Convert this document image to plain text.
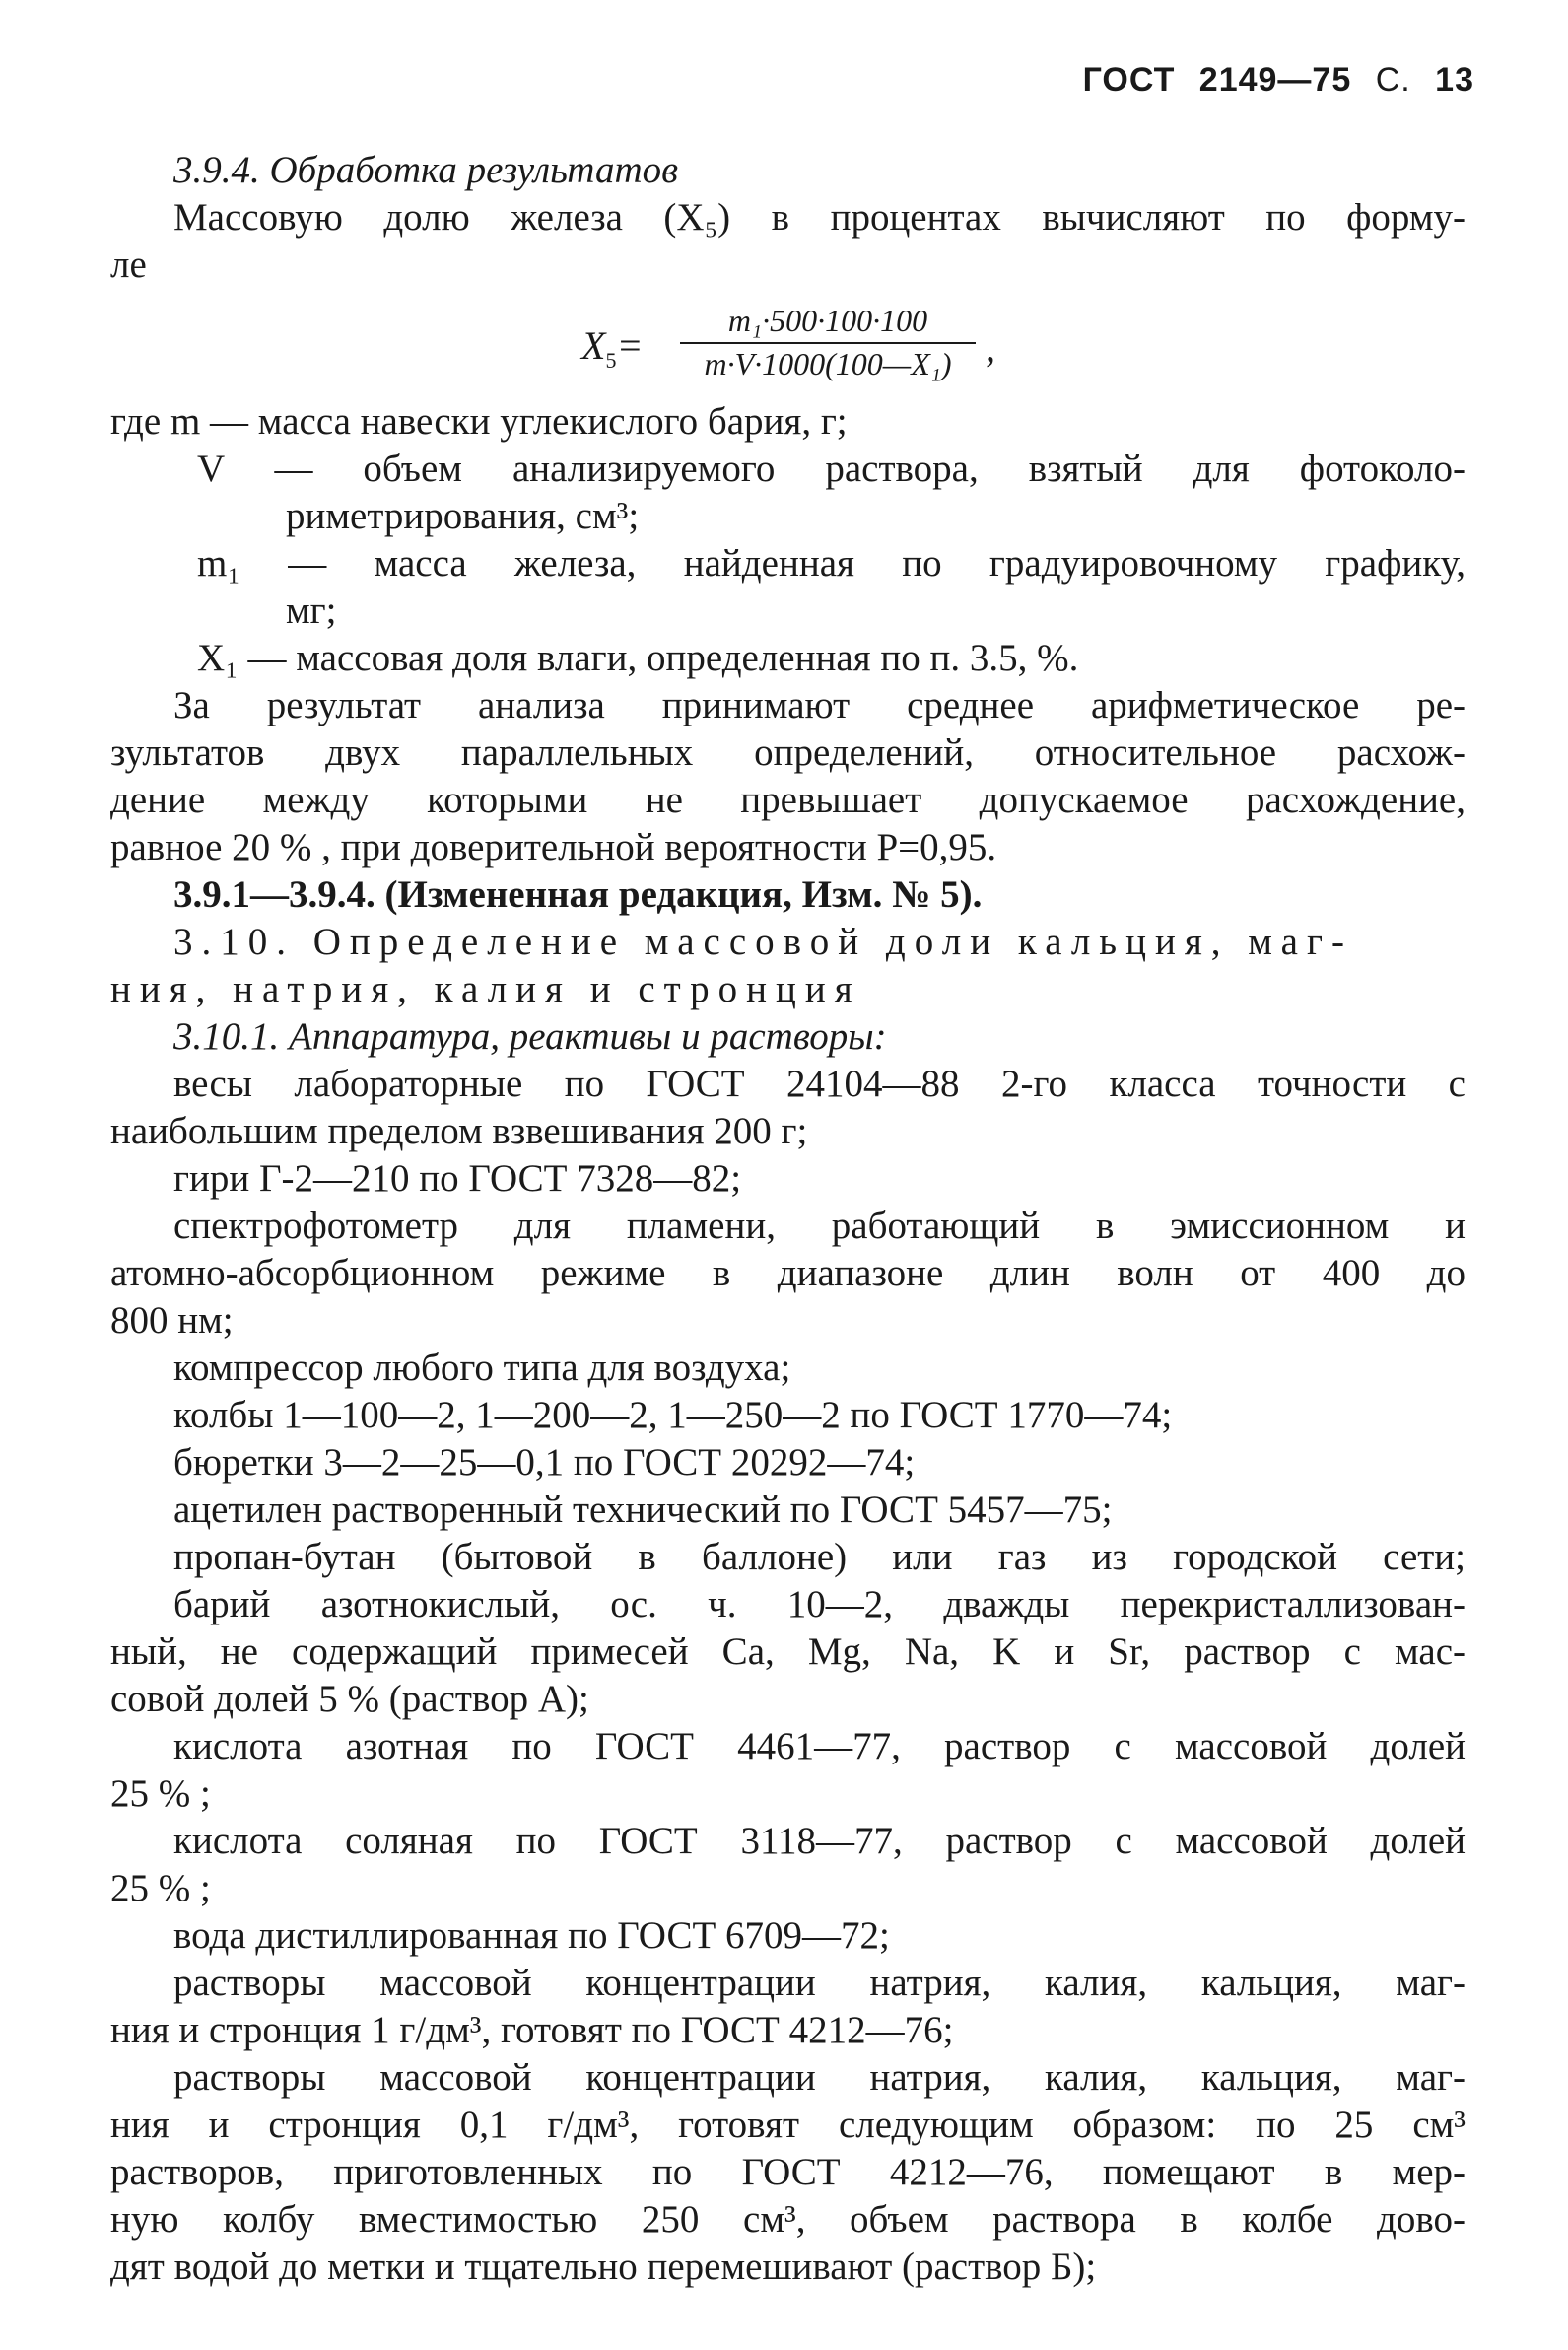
ГОСТ 2149—75 С. 13
3.9.4. Обработка результатов
Массовую долю железа (X₅) в процентах вычисляют по форму-
ле
$X_5=$
m₁·500·100·100
m·V·1000(100—X₁) ,
где m — масса навески углекислого бария, г;
V — объем анализируемого раствора, взятый для фотоколо-
риметрирования, см³;
m₁ — масса железа, найденная по градуировочному графику,
мг;
X₁ — массовая доля влаги, определенная по п. 3.5, %.
За результат анализа принимают среднее арифметическое ре-
зультатов двух параллельных определений, относительное расхож-
дение между которыми не превышает допускаемое расхождение,
равное 20 % , при доверительной вероятности P=0,95.
3.9.1—3.9.4. (Измененная редакция, Изм. № 5).
3.10. Определение массовой доли кальция, маг-
ния, натрия, калия и стронция
3.10.1. Аппаратура, реактивы и растворы:
весы лабораторные по ГОСТ 24104—88 2-го класса точности с
наибольшим пределом взвешивания 200 г;
гири Г-2—210 по ГОСТ 7328—82;
спектрофотометр для пламени, работающий в эмиссионном и
атомно-абсорбционном режиме в диапазоне длин волн от 400 до
800 нм;
компрессор любого типа для воздуха;
колбы 1—100—2, 1—200—2, 1—250—2 по ГОСТ 1770—74;
бюретки 3—2—25—0,1 по ГОСТ 20292—74;
ацетилен растворенный технический по ГОСТ 5457—75;
пропан-бутан (бытовой в баллоне) или газ из городской сети;
барий азотнокислый, ос. ч. 10—2, дважды перекристаллизован-
ный, не содержащий примесей Ca, Mg, Na, K и Sr, раствор с мас-
совой долей 5 % (раствор А);
кислота азотная по ГОСТ 4461—77, раствор с массовой долей
25 % ;
кислота соляная по ГОСТ 3118—77, раствор с массовой долей
25 % ;
вода дистиллированная по ГОСТ 6709—72;
растворы массовой концентрации натрия, калия, кальция, маг-
ния и стронция 1 г/дм³, готовят по ГОСТ 4212—76;
растворы массовой концентрации натрия, калия, кальция, маг-
ния и стронция 0,1 г/дм³, готовят следующим образом: по 25 см³
растворов, приготовленных по ГОСТ 4212—76, помещают в мер-
ную колбу вместимостью 250 см³, объем раствора в колбе дово-
дят водой до метки и тщательно перемешивают (раствор Б);
